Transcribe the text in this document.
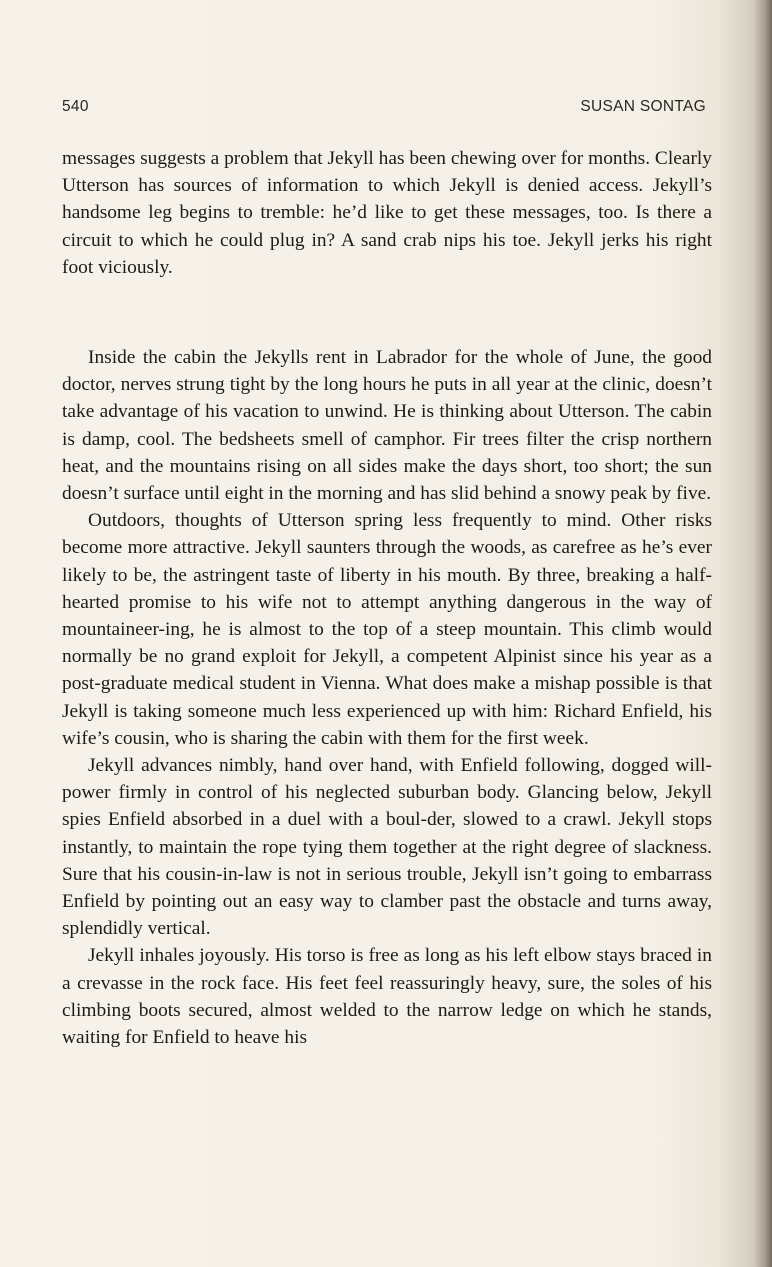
540	SUSAN SONTAG

messages suggests a problem that Jekyll has been chewing over for months. Clearly Utterson has sources of information to which Jekyll is denied access. Jekyll’s handsome leg begins to tremble: he’d like to get these messages, too. Is there a circuit to which he could plug in? A sand crab nips his toe. Jekyll jerks his right foot viciously.

Inside the cabin the Jekylls rent in Labrador for the whole of June, the good doctor, nerves strung tight by the long hours he puts in all year at the clinic, doesn’t take advantage of his vacation to unwind. He is thinking about Utterson. The cabin is damp, cool. The bedsheets smell of camphor. Fir trees filter the crisp northern heat, and the mountains rising on all sides make the days short, too short; the sun doesn’t surface until eight in the morning and has slid behind a snowy peak by five.

Outdoors, thoughts of Utterson spring less frequently to mind. Other risks become more attractive. Jekyll saunters through the woods, as carefree as he’s ever likely to be, the astringent taste of liberty in his mouth. By three, breaking a half-hearted promise to his wife not to attempt anything dangerous in the way of mountaineer-ing, he is almost to the top of a steep mountain. This climb would normally be no grand exploit for Jekyll, a competent Alpinist since his year as a post-graduate medical student in Vienna. What does make a mishap possible is that Jekyll is taking someone much less experienced up with him: Richard Enfield, his wife’s cousin, who is sharing the cabin with them for the first week.

Jekyll advances nimbly, hand over hand, with Enfield following, dogged will-power firmly in control of his neglected suburban body. Glancing below, Jekyll spies Enfield absorbed in a duel with a boul-der, slowed to a crawl. Jekyll stops instantly, to maintain the rope tying them together at the right degree of slackness. Sure that his cousin-in-law is not in serious trouble, Jekyll isn’t going to embarrass Enfield by pointing out an easy way to clamber past the obstacle and turns away, splendidly vertical.

Jekyll inhales joyously. His torso is free as long as his left elbow stays braced in a crevasse in the rock face. His feet feel reassuringly heavy, sure, the soles of his climbing boots secured, almost welded to the narrow ledge on which he stands, waiting for Enfield to heave his
